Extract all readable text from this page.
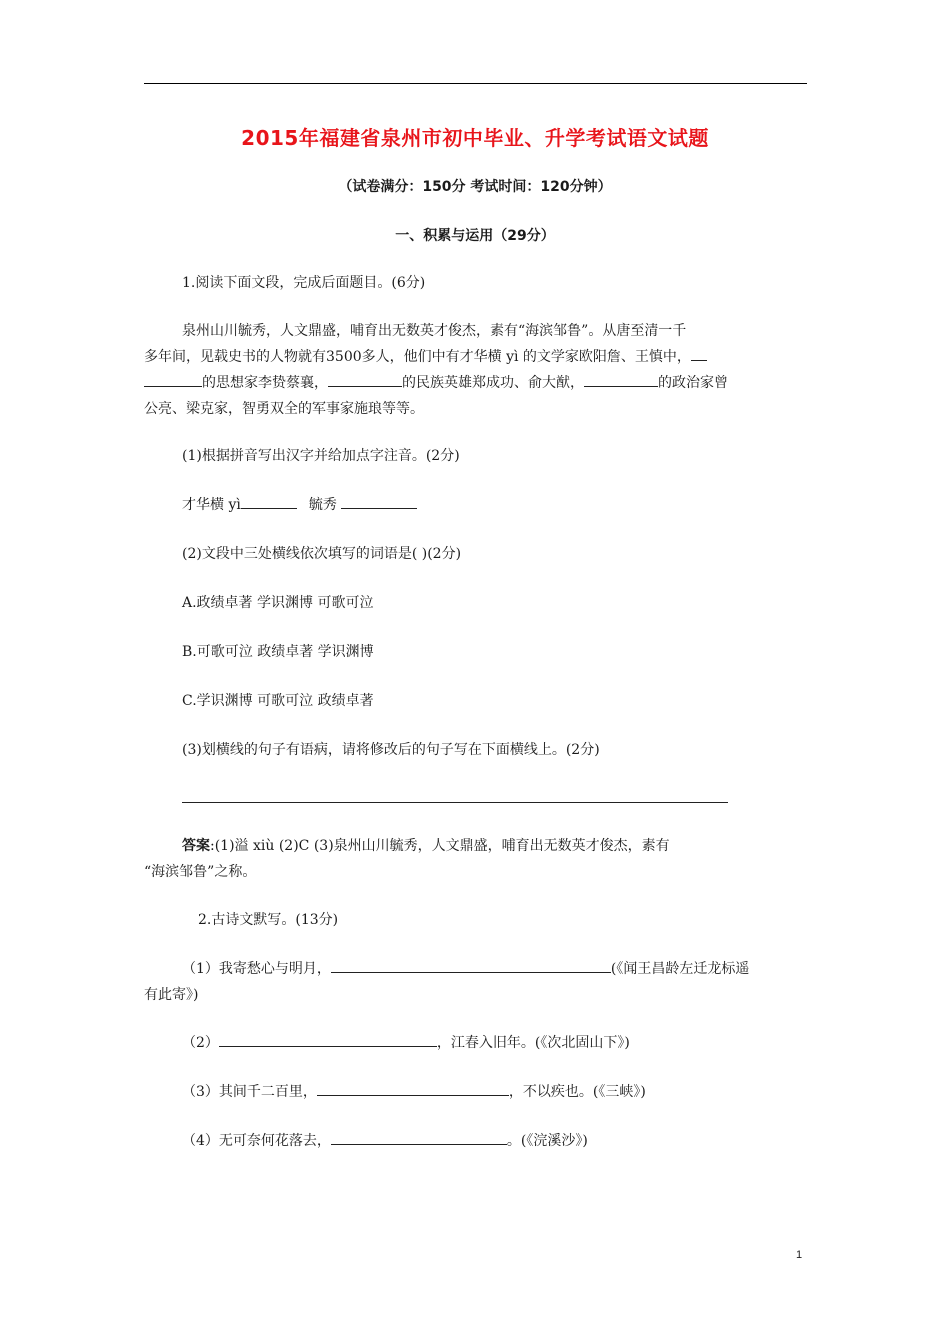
2015年福建省泉州市初中毕业、升学考试语文试题
（试卷满分：150分 考试时间：120分钟）
一、积累与运用（29分）
1.阅读下面文段，完成后面题目。(6分)
泉州山川毓秀，人文鼎盛，哺育出无数英才俊杰，素有“海滨邹鲁”。从唐至清一千
多年间，见载史书的人物就有3500多人，他们中有才华横 yì 的文学家欧阳詹、王慎中，
的思想家李贽蔡襄，	的民族英雄郑成功、俞大猷，	的政治家曾
公亮、梁克家，智勇双全的军事家施琅等等。
(1)根据拼音写出汉字并给加点字注音。(2分)
才华横 yì	毓秀
(2)文段中三处横线依次填写的词语是( )(2分)
A.政绩卓著 学识渊博 可歌可泣
B.可歌可泣 政绩卓著 学识渊博
C.学识渊博 可歌可泣 政绩卓著
(3)划横线的句子有语病，请将修改后的句子写在下面横线上。(2分)
答案:(1)溢 xiù (2)C (3)泉州山川毓秀，人文鼎盛，哺育出无数英才俊杰，素有
“海滨邹鲁”之称。
2.古诗文默写。(13分)
（1）我寄愁心与明月，	(《闻王昌龄左迁龙标遥
有此寄》)
（2）	，江春入旧年。(《次北固山下》)
（3）其间千二百里，	，不以疾也。(《三峡》)
（4）无可奈何花落去，	。(《浣溪沙》)
1
